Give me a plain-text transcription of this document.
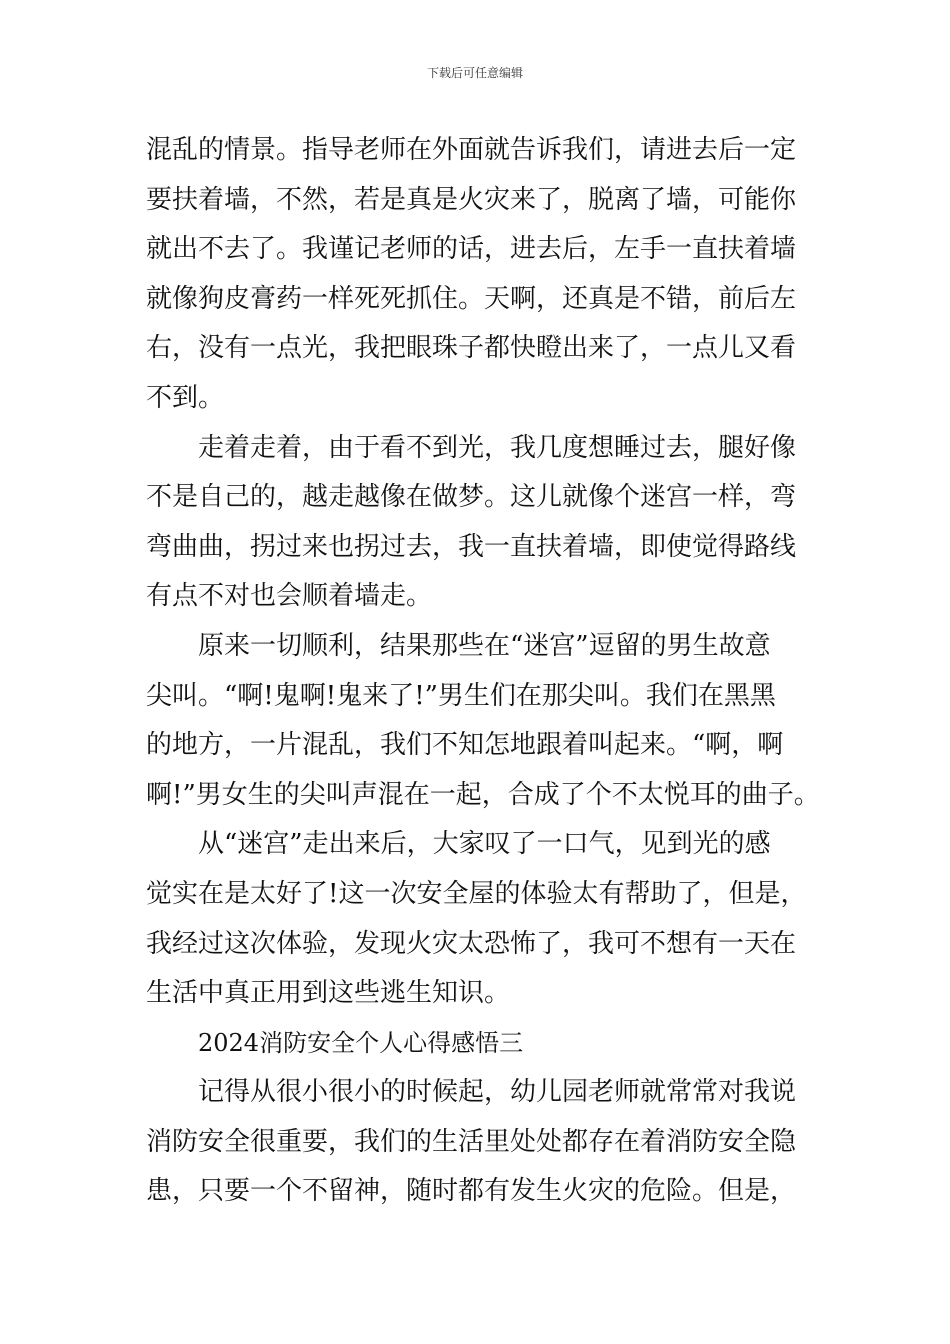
下载后可任意编辑

混乱的情景。指导老师在外面就告诉我们，请进去后一定

要扶着墙，不然，若是真是火灾来了，脱离了墙，可能你

就出不去了。我谨记老师的话，进去后，左手一直扶着墙

就像狗皮膏药一样死死抓住。天啊，还真是不错，前后左

右，没有一点光，我把眼珠子都快瞪出来了，一点儿又看

不到。

走着走着，由于看不到光，我几度想睡过去，腿好像

不是自己的，越走越像在做梦。这儿就像个迷宫一样，弯

弯曲曲，拐过来也拐过去，我一直扶着墙，即使觉得路线

有点不对也会顺着墙走。

原来一切顺利，结果那些在“迷宫”逗留的男生故意

尖叫。“啊!鬼啊!鬼来了!”男生们在那尖叫。我们在黑黑

的地方，一片混乱，我们不知怎地跟着叫起来。“啊，啊

啊!”男女生的尖叫声混在一起，合成了个不太悦耳的曲子。

从“迷宫”走出来后，大家叹了一口气，见到光的感

觉实在是太好了!这一次安全屋的体验太有帮助了，但是，

我经过这次体验，发现火灾太恐怖了，我可不想有一天在

生活中真正用到这些逃生知识。

2024消防安全个人心得感悟三

记得从很小很小的时候起，幼儿园老师就常常对我说

消防安全很重要，我们的生活里处处都存在着消防安全隐

患，只要一个不留神，随时都有发生火灾的危险。但是，
